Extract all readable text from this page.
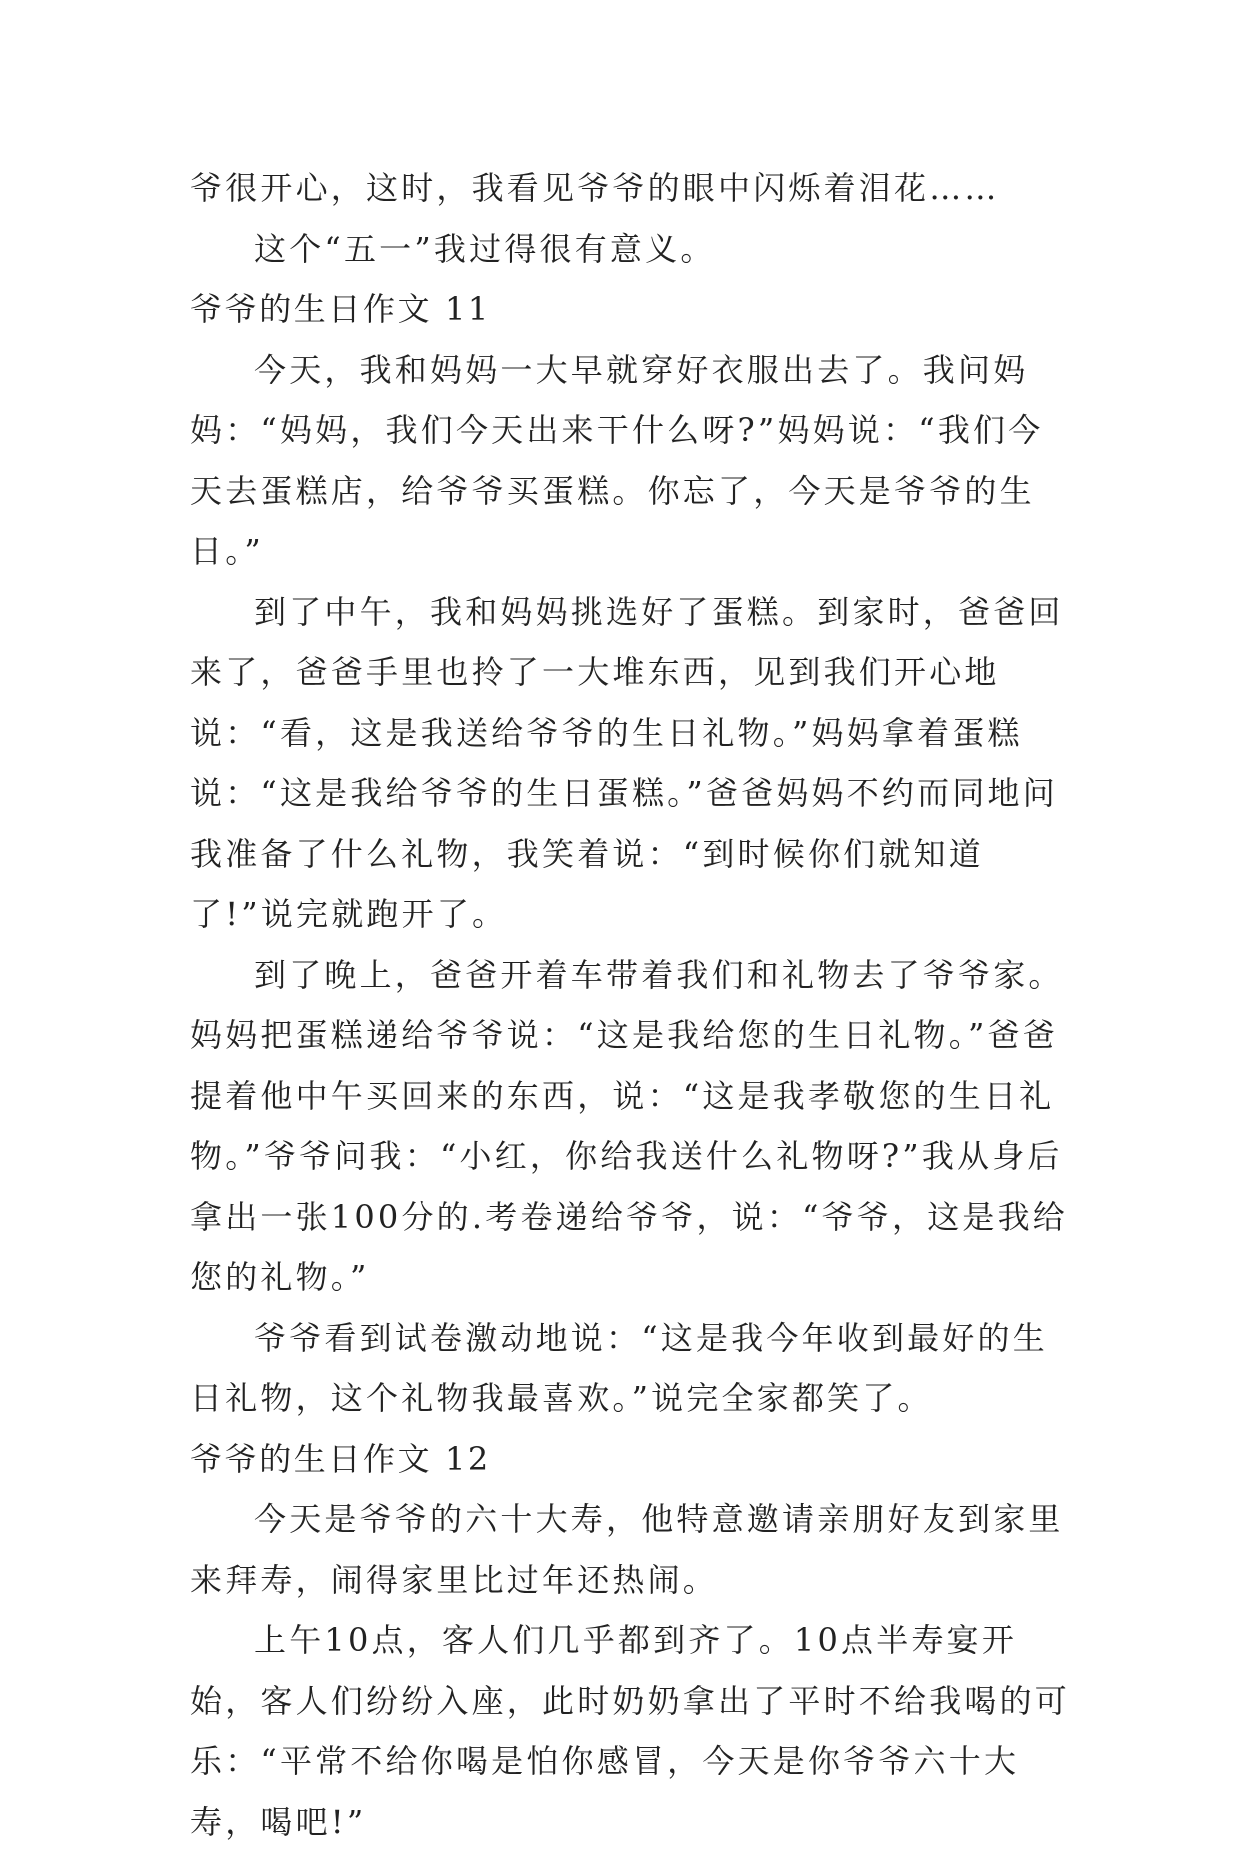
爷很开心，这时，我看见爷爷的眼中闪烁着泪花……

这个“五一”我过得很有意义。

爷爷的生日作文 11

今天，我和妈妈一大早就穿好衣服出去了。我问妈妈：“妈妈，我们今天出来干什么呀?”妈妈说：“我们今天去蛋糕店，给爷爷买蛋糕。你忘了，今天是爷爷的生日。”

到了中午，我和妈妈挑选好了蛋糕。到家时，爸爸回来了，爸爸手里也拎了一大堆东西，见到我们开心地说：“看，这是我送给爷爷的生日礼物。”妈妈拿着蛋糕说：“这是我给爷爷的生日蛋糕。”爸爸妈妈不约而同地问我准备了什么礼物，我笑着说：“到时候你们就知道了!”说完就跑开了。

到了晚上，爸爸开着车带着我们和礼物去了爷爷家。妈妈把蛋糕递给爷爷说：“这是我给您的生日礼物。”爸爸提着他中午买回来的东西，说：“这是我孝敬您的生日礼物。”爷爷问我：“小红，你给我送什么礼物呀?”我从身后拿出一张100分的.考卷递给爷爷，说：“爷爷，这是我给您的礼物。”

爷爷看到试卷激动地说：“这是我今年收到最好的生日礼物，这个礼物我最喜欢。”说完全家都笑了。

爷爷的生日作文 12

今天是爷爷的六十大寿，他特意邀请亲朋好友到家里来拜寿，闹得家里比过年还热闹。

上午10点，客人们几乎都到齐了。10点半寿宴开始，客人们纷纷入座，此时奶奶拿出了平时不给我喝的可乐：“平常不给你喝是怕你感冒，今天是你爷爷六十大寿，喝吧!”
